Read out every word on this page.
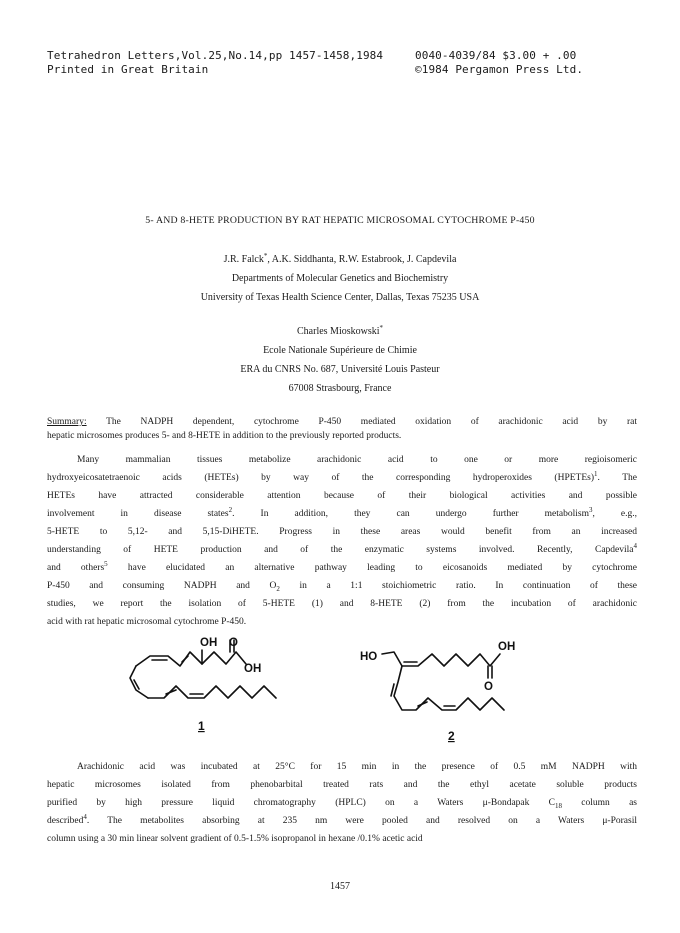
Tetrahedron Letters,Vol.25,No.14,pp 1457-1458,1984
Printed in Great Britain
0040-4039/84 $3.00 + .00
©1984 Pergamon Press Ltd.
5- AND 8-HETE PRODUCTION BY RAT HEPATIC MICROSOMAL CYTOCHROME P-450
J.R. Falck*, A.K. Siddhanta, R.W. Estabrook, J. Capdevila
Departments of Molecular Genetics and Biochemistry
University of Texas Health Science Center, Dallas, Texas 75235 USA
Charles Mioskowski*
Ecole Nationale Supérieure de Chimie
ERA du CNRS No. 687, Université Louis Pasteur
67008 Strasbourg, France
Summary: The NADPH dependent, cytochrome P-450 mediated oxidation of arachidonic acid by rat
hepatic microsomes produces 5- and 8-HETE in addition to the previously reported products.
Many mammalian tissues metabolize arachidonic acid to one or more regioisomeric
hydroxyeicosatetraenoic acids (HETEs) by way of the corresponding hydroperoxides (HPETEs)$^1$. The
HETEs have attracted considerable attention because of their biological activities and possible
involvement in disease states$^2$. In addition, they can undergo further metabolism$^3$, e.g.,
5-HETE to 5,12- and 5,15-DiHETE. Progress in these areas would benefit from an increased
understanding of HETE production and of the enzymatic systems involved. Recently, Capdevila$^4$
and others$^5$ have elucidated an alternative pathway leading to eicosanoids mediated by cytochrome
P-450 and consuming NADPH and $O_2$ in a 1:1 stoichiometric ratio. In continuation of these
studies, we report the isolation of 5-HETE (1) and 8-HETE (2) from the incubation of arachidonic
acid with rat hepatic microsomal cytochrome P-450.
OH O
OH
1
HO
OH
O
2
Arachidonic acid was incubated at 25°C for 15 min in the presence of 0.5 mM NADPH with
hepatic microsomes isolated from phenobarbital treated rats and the ethyl acetate soluble products
purified by high pressure liquid chromatography (HPLC) on a Waters μ-Bondapak $C_{18}$ column as
described$^4$. The metabolites absorbing at 235 nm were pooled and resolved on a Waters μ-Porasil
column using a 30 min linear solvent gradient of 0.5-1.5% isopropanol in hexane /0.1% acetic acid
1457
